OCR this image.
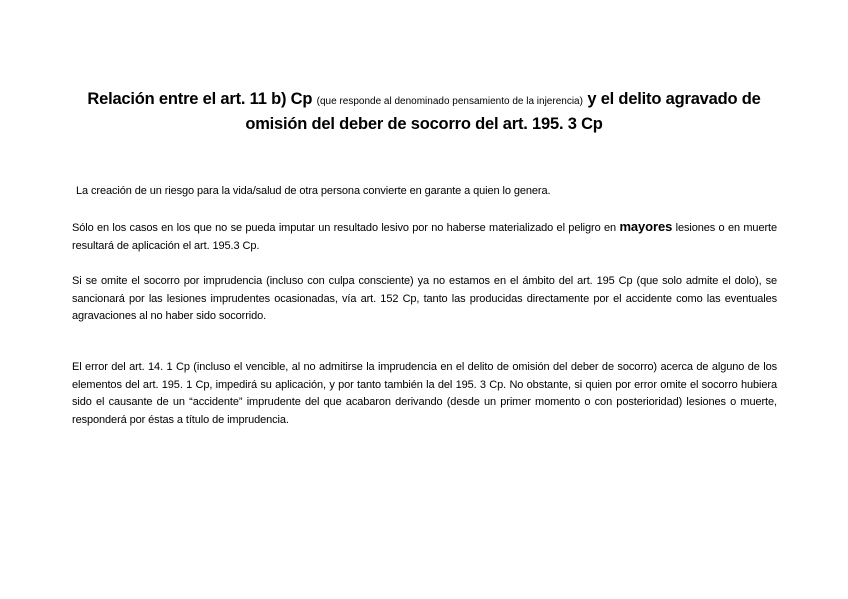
Relación entre el art. 11 b) Cp (que responde al denominado pensamiento de la injerencia) y el delito agravado de omisión del deber de socorro del art. 195. 3 Cp
La creación de un riesgo para la vida/salud de otra persona convierte en garante a quien lo genera.
Sólo en los casos en los que no se pueda imputar un resultado lesivo por no haberse materializado el peligro en mayores lesiones o en muerte resultará de aplicación el art. 195.3 Cp.
Si se omite el socorro por imprudencia (incluso con culpa consciente) ya no estamos en el ámbito del art. 195 Cp (que solo admite el dolo), se sancionará por las lesiones imprudentes ocasionadas, vía art. 152 Cp, tanto las producidas directamente por el accidente como las eventuales agravaciones al no haber sido socorrido.
El error del art. 14. 1 Cp (incluso el vencible, al no admitirse la imprudencia en el delito de omisión del deber de socorro) acerca de alguno de los elementos del art. 195. 1 Cp, impedirá su aplicación, y por tanto también la del 195. 3 Cp. No obstante, si quien por error omite el socorro hubiera sido el causante de un “accidente” imprudente del que acabaron derivando (desde un primer momento o con posterioridad) lesiones o muerte, responderá por éstas a título de imprudencia.
